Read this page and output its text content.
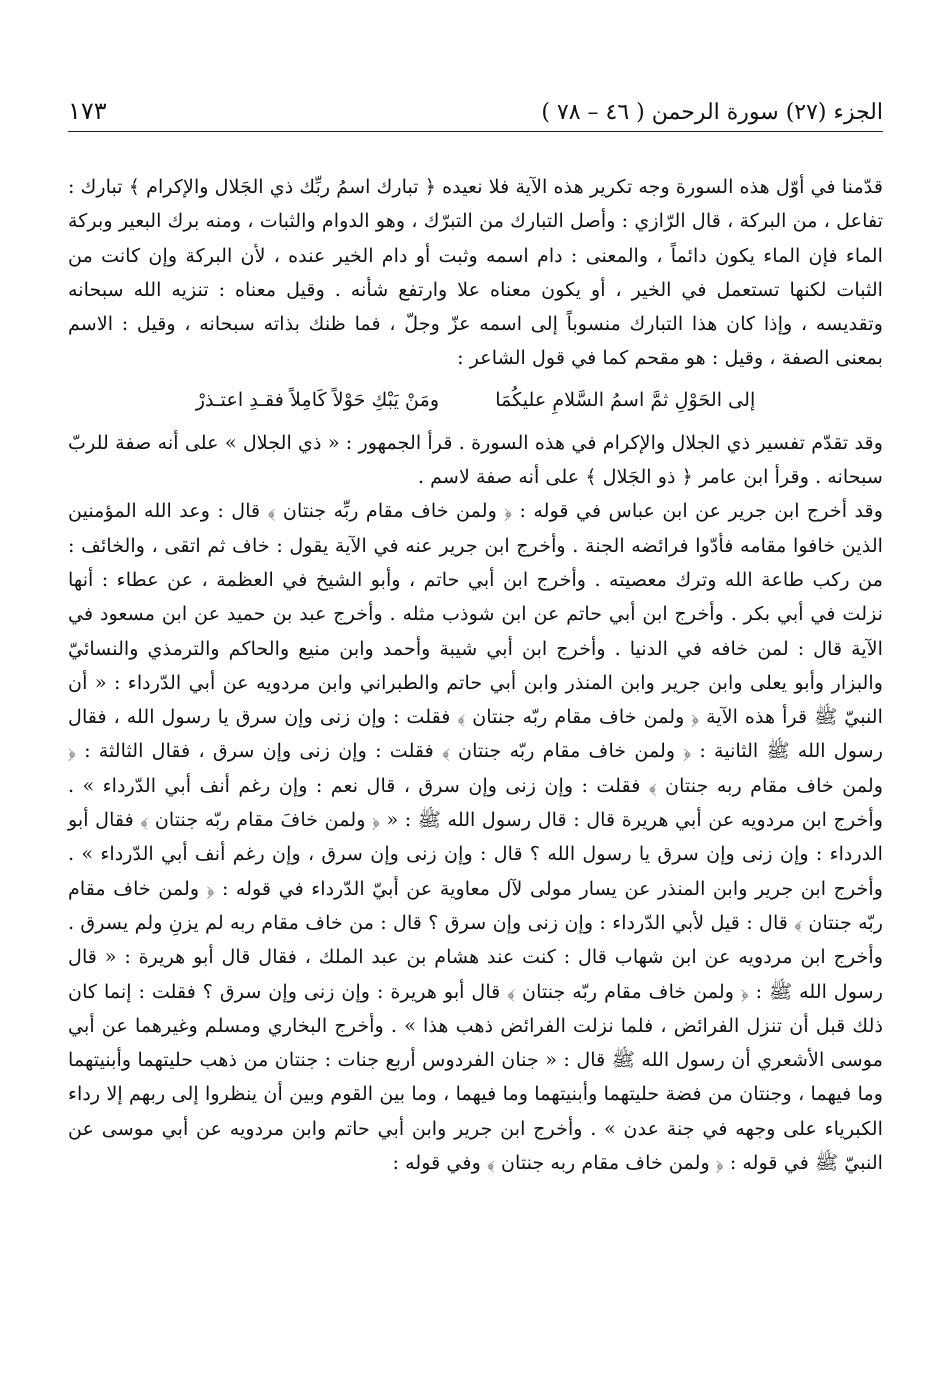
الجزء (٢٧) سورة الرحمن ( ٤٦ – ٧٨ )
١٧٣

قدّمنا في أوّل هذه السورة وجه تكرير هذه الآية فلا نعيده ﴿ تبارك اسمُ ربِّك ذي الجَلال والإكرام ﴾ تبارك : تفاعل ، من البركة ، قال الرّازي : وأصل التبارك من التبرّك ، وهو الدوام والثبات ، ومنه برك البعير وبركة الماء فإن الماء يكون دائماً ، والمعنى : دام اسمه وثبت أو دام الخير عنده ، لأن البركة وإن كانت من الثبات لكنها تستعمل في الخير ، أو يكون معناه علا وارتفع شأنه . وقيل معناه : تنزيه الله سبحانه وتقديسه ، وإذا كان هذا التبارك منسوباً إلى اسمه عزّ وجلّ ، فما ظنك بذاته سبحانه ، وقيل : الاسم بمعنى الصفة ، وقيل : هو مقحم كما في قول الشاعر :

إلى الحَوْلِ ثمَّ اسمُ السَّلامِ عليكُمَا
ومَنْ يَبْكِ حَوْلاً كَامِلاً فقـدِ اعتـذرْ

وقد تقدّم تفسير ذي الجلال والإكرام في هذه السورة . قرأ الجمهور : « ذي الجلال » على أنه صفة للربّ سبحانه . وقرأ ابن عامر ﴿ ذو الجَلال ﴾ على أنه صفة لاسم .

وقد أخرج ابن جرير عن ابن عباس في قوله : ﴿ ولمن خاف مقام ربِّه جنتان ﴾ قال : وعد الله المؤمنين الذين خافوا مقامه فأدّوا فرائضه الجنة . وأخرج ابن جرير عنه في الآية يقول : خاف ثم اتقى ، والخائف : من ركب طاعة الله وترك معصيته . وأخرج ابن أبي حاتم ، وأبو الشيخ في العظمة ، عن عطاء : أنها نزلت في أبي بكر . وأخرج ابن أبي حاتم عن ابن شوذب مثله . وأخرج عبد بن حميد عن ابن مسعود في الآية قال : لمن خافه في الدنيا . وأخرج ابن أبي شيبة وأحمد وابن منيع والحاكم والترمذي والنسائيّ والبزار وأبو يعلى وابن جرير وابن المنذر وابن أبي حاتم والطبراني وابن مردويه عن أبي الدّرداء : « أن النبيّ ﷺ قرأ هذه الآية ﴿ ولمن خاف مقام ربّه جنتان ﴾ فقلت : وإن زنى وإن سرق يا رسول الله ، فقال رسول الله ﷺ الثانية : ﴿ ولمن خاف مقام ربّه جنتان ﴾ فقلت : وإن زنى وإن سرق ، فقال الثالثة : ﴿ ولمن خاف مقام ربه جنتان ﴾ فقلت : وإن زنى وإن سرق ، قال نعم : وإن رغم أنف أبي الدّرداء » . وأخرج ابن مردويه عن أبي هريرة قال : قال رسول الله ﷺ : « ﴿ ولمن خافَ مقام ربّه جنتان ﴾ فقال أبو الدرداء : وإن زنى وإن سرق يا رسول الله ؟ قال : وإن زنى وإن سرق ، وإن رغم أنف أبي الدّرداء » . وأخرج ابن جرير وابن المنذر عن يسار مولى لآل معاوية عن أبيّ الدّرداء في قوله : ﴿ ولمن خاف مقام ربّه جنتان ﴾ قال : قيل لأبي الدّرداء : وإن زنى وإن سرق ؟ قال : من خاف مقام ربه لم يزنِ ولم يسرق . وأخرج ابن مردويه عن ابن شهاب قال : كنت عند هشام بن عبد الملك ، فقال قال أبو هريرة : « قال رسول الله ﷺ : ﴿ ولمن خاف مقام ربّه جنتان ﴾ قال أبو هريرة : وإن زنى وإن سرق ؟ فقلت : إنما كان ذلك قبل أن تنزل الفرائض ، فلما نزلت الفرائض ذهب هذا » . وأخرج البخاري ومسلم وغيرهما عن أبي موسى الأشعري أن رسول الله ﷺ قال : « جنان الفردوس أربع جنات : جنتان من ذهب حليتهما وأبنيتهما وما فيهما ، وجنتان من فضة حليتهما وأبنيتهما وما فيهما ، وما بين القوم وبين أن ينظروا إلى ربهم إلا رداء الكبرياء على وجهه في جنة عدن » . وأخرج ابن جرير وابن أبي حاتم وابن مردويه عن أبي موسى عن النبيّ ﷺ في قوله : ﴿ ولمن خاف مقام ربه جنتان ﴾ وفي قوله :
